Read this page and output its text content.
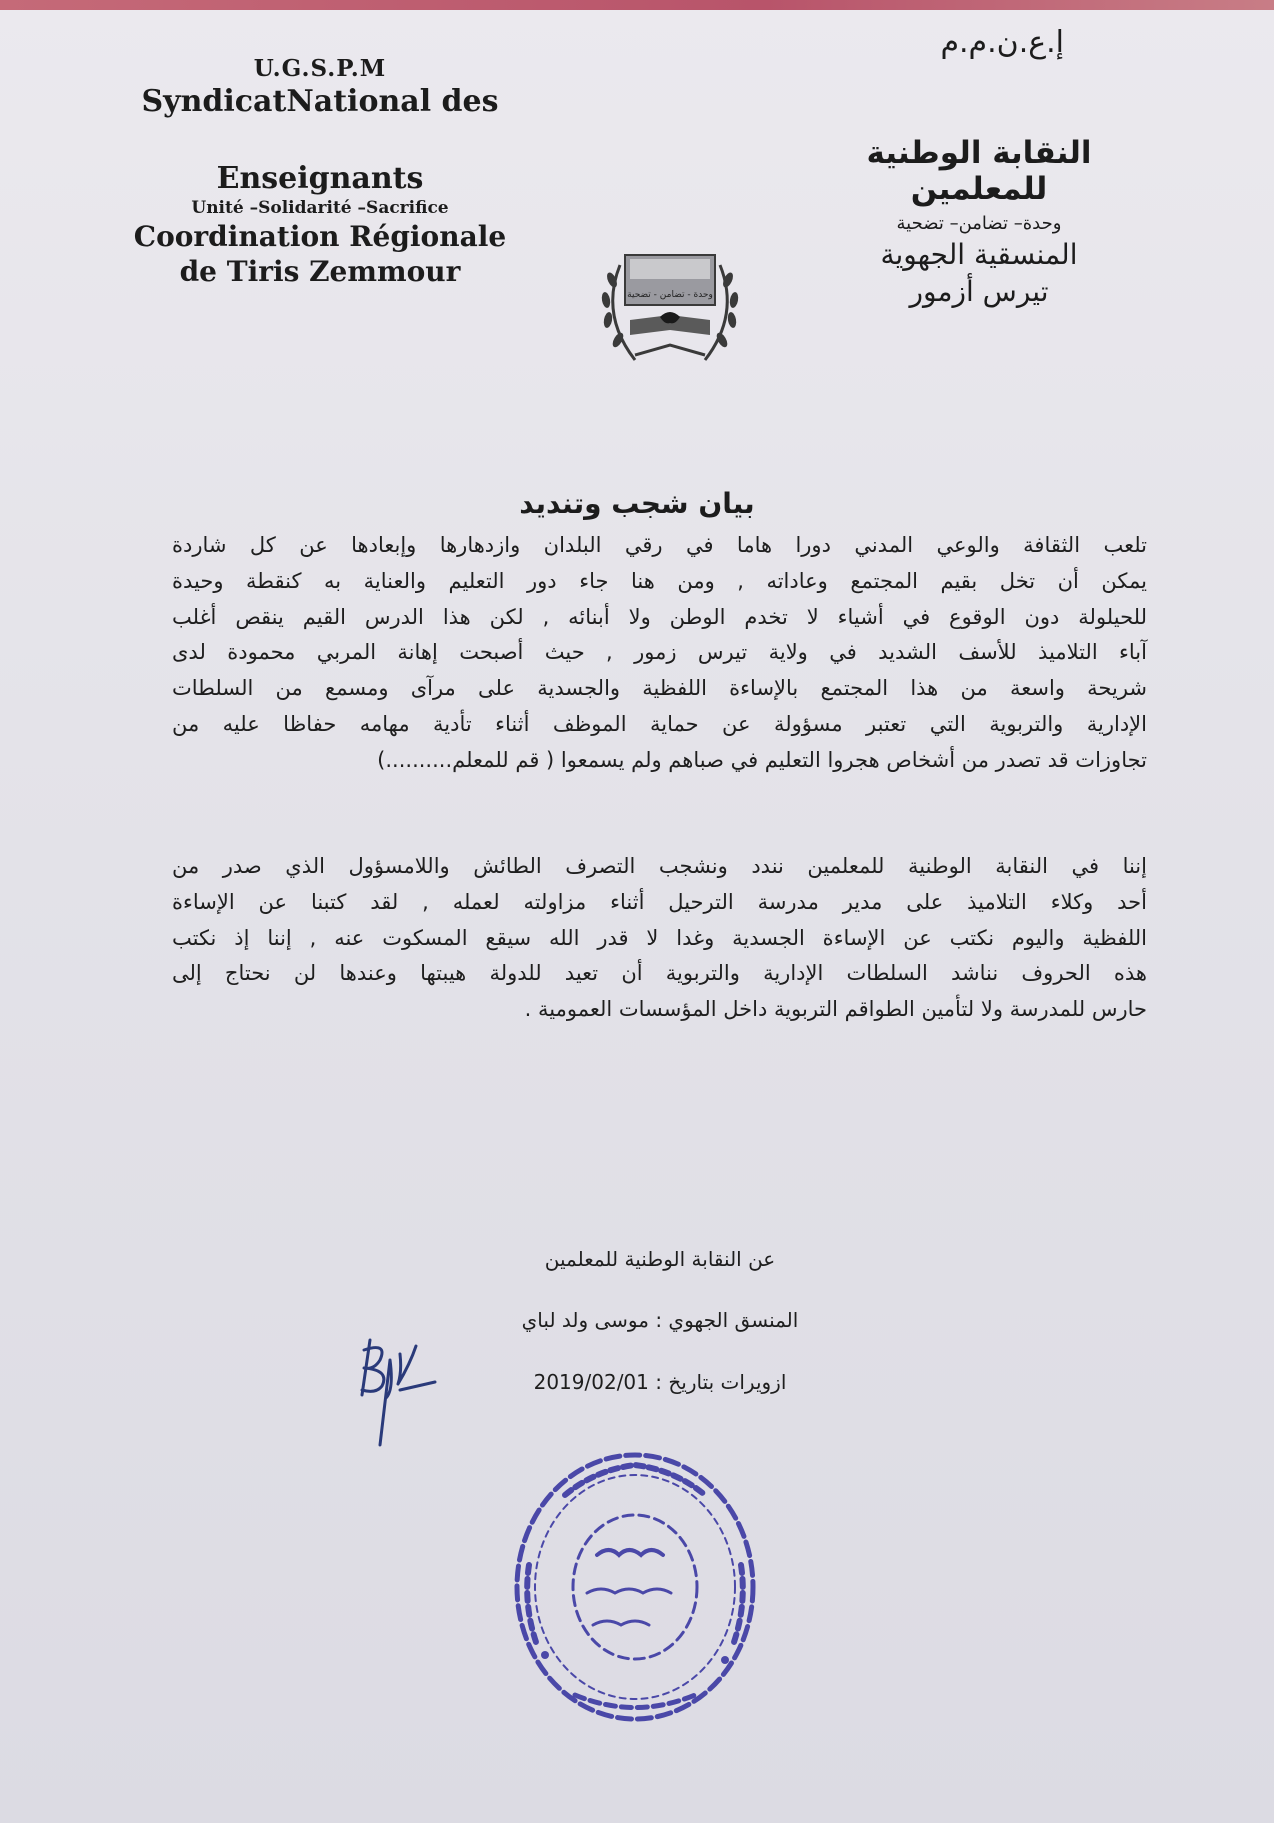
U.G.S.P.M
SyndicatNational des
Enseignants
Unité –Solidarité –Sacrifice
Coordination Régionale
de Tiris Zemmour
إ.ع.ن.م.م
النقابة الوطنية للمعلمين
وحدة– تضامن– تضحية
المنسقية الجهوية
تيرس أزمور
وحدة - تضامن - تضحية
بيان شجب وتنديد

تلعب الثقافة والوعي المدني دورا هاما في رقي البلدان وازدهارها وإبعادها عن كل شاردة

يمكن أن تخل بقيم المجتمع وعاداته , ومن هنا جاء دور التعليم والعناية به كنقطة وحيدة

للحيلولة دون الوقوع في أشياء لا تخدم الوطن ولا أبنائه , لكن هذا الدرس القيم ينقص أغلب

آباء التلاميذ للأسف الشديد في ولاية تيرس زمور , حيث أصبحت إهانة المربي محمودة لدى

شريحة واسعة من هذا المجتمع بالإساءة اللفظية والجسدية على مرآى ومسمع من السلطات

الإدارية والتربوية التي تعتبر مسؤولة عن حماية الموظف أثناء تأدية مهامه حفاظا عليه من

تجاوزات قد تصدر من أشخاص هجروا التعليم في صباهم ولم يسمعوا ( قم للمعلم..........)

إننا في النقابة الوطنية للمعلمين نندد ونشجب التصرف الطائش واللامسؤول الذي صدر من

أحد وكلاء التلاميذ على مدير مدرسة الترحيل أثناء مزاولته لعمله , لقد كتبنا عن الإساءة

اللفظية واليوم نكتب عن الإساءة الجسدية وغدا لا قدر الله سيقع المسكوت عنه , إننا إذ نكتب

هذه الحروف نناشد السلطات الإدارية والتربوية أن تعيد للدولة هيبتها وعندها لن نحتاج إلى

حارس للمدرسة ولا لتأمين الطواقم التربوية داخل المؤسسات العمومية .

عن النقابة الوطنية للمعلمين
المنسق الجهوي : موسى ولد لباي
ازويرات بتاريخ : 2019/02/01
